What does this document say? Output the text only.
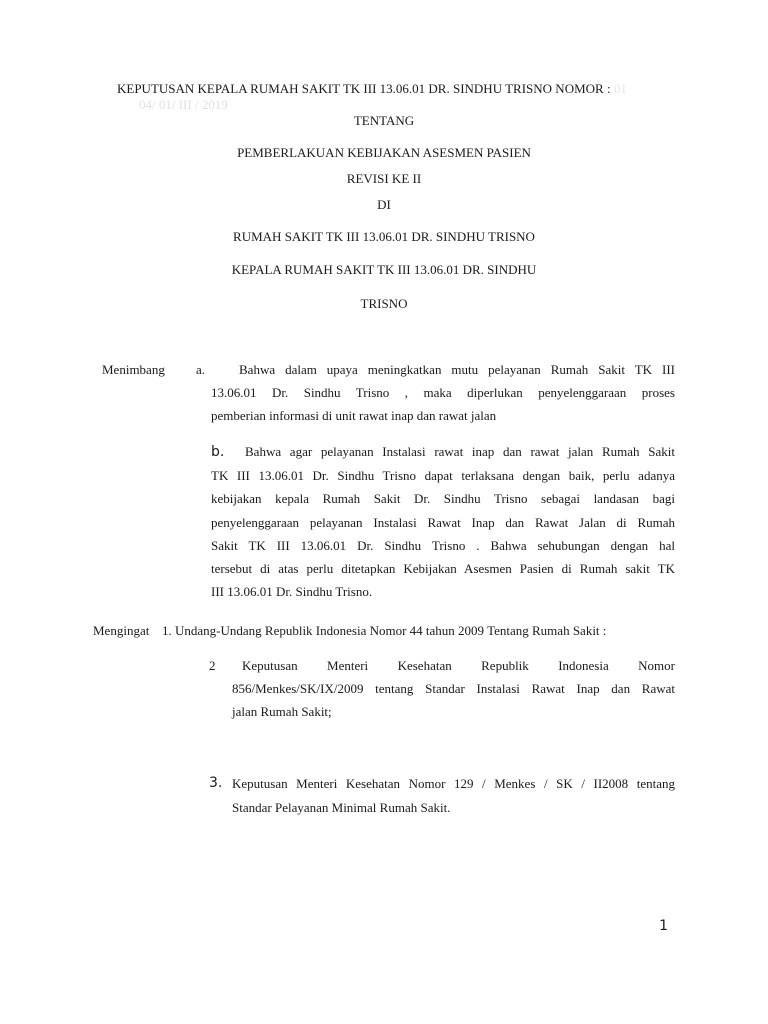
KEPUTUSAN KEPALA RUMAH SAKIT TK III 13.06.01 DR. SINDHU TRISNO NOMOR : 01
04/ 01/ III / 2019
TENTANG
PEMBERLAKUAN KEBIJAKAN ASESMEN PASIEN
REVISI KE II
DI
RUMAH SAKIT TK III 13.06.01 DR. SINDHU TRISNO
KEPALA RUMAH SAKIT TK III 13.06.01 DR. SINDHU
TRISNO
Menimbang a.	Bahwa dalam upaya meningkatkan mutu pelayanan Rumah Sakit TK III
13.06.01 Dr. Sindhu Trisno , maka diperlukan penyelenggaraan proses
pemberian informasi di unit rawat inap dan rawat jalan
b. Bahwa agar pelayanan Instalasi rawat inap dan rawat jalan Rumah Sakit
TK III 13.06.01 Dr. Sindhu Trisno dapat terlaksana dengan baik, perlu adanya
kebijakan kepala Rumah Sakit Dr. Sindhu Trisno sebagai landasan bagi
penyelenggaraan pelayanan Instalasi Rawat Inap dan Rawat Jalan di Rumah
Sakit TK III 13.06.01 Dr. Sindhu Trisno . Bahwa sehubungan dengan hal
tersebut di atas perlu ditetapkan Kebijakan Asesmen Pasien di Rumah sakit TK
III 13.06.01 Dr. Sindhu Trisno.
Mengingat 1. Undang-Undang Republik Indonesia Nomor 44 tahun 2009 Tentang Rumah Sakit :
2 Keputusan Menteri Kesehatan Republik Indonesia Nomor
856/Menkes/SK/IX/2009 tentang Standar Instalasi Rawat Inap dan Rawat
jalan Rumah Sakit;
3. Keputusan Menteri Kesehatan Nomor 129 / Menkes / SK / II2008 tentang
Standar Pelayanan Minimal Rumah Sakit.
1
